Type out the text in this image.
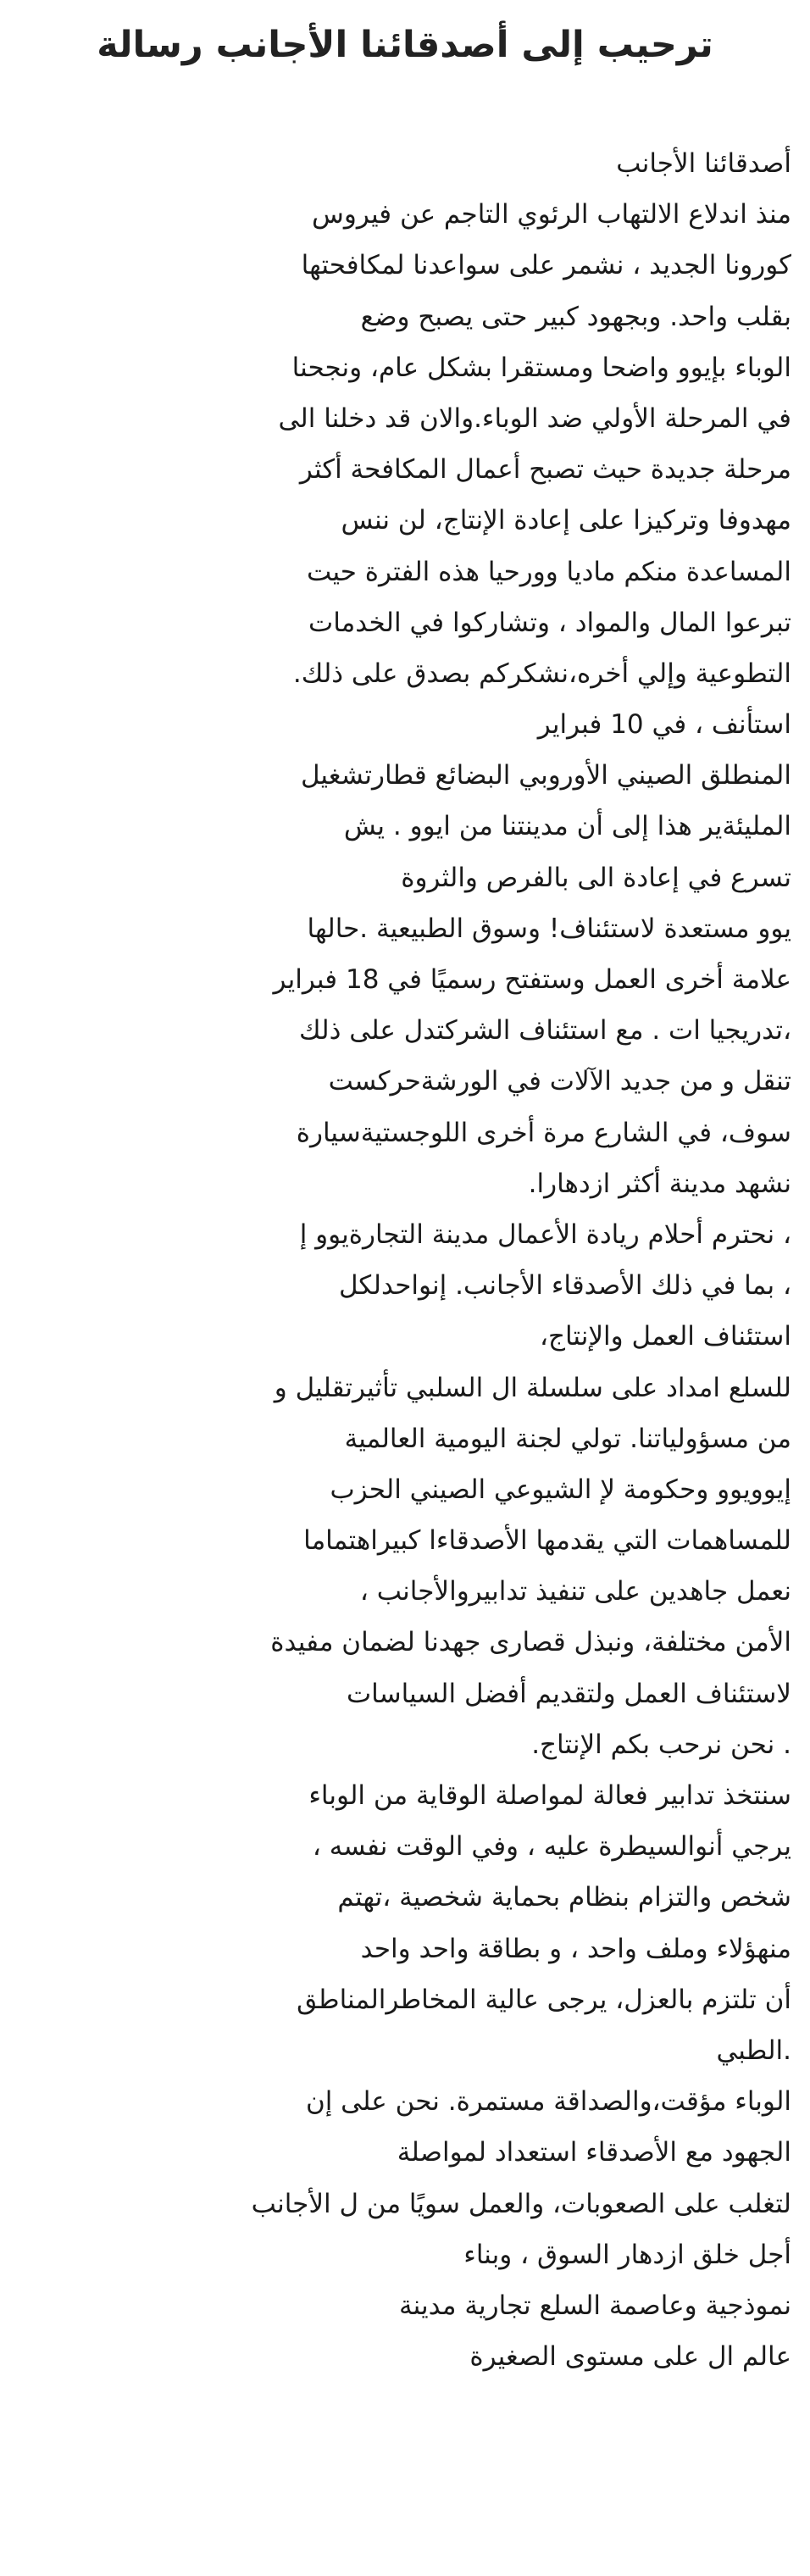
ترحيب إلى أصدقائنا الأجانب رسالة
أصدقائنا الأجانب
منذ اندلاع الالتهاب الرئوي التاجم عن فيروس
كورونا الجديد ، نشمر على سواعدنا لمكافحتها
بقلب واحد. وبجهود كبير حتى يصبح وضع
الوباء بإيوو واضحا ومستقرا بشكل عام، ونجحنا
في المرحلة الأولي ضد الوباء.والان قد دخلنا الى
مرحلة جديدة حيث تصبح أعمال المكافحة أكثر
مهدوفا وتركيزا على إعادة الإنتاج، لن ننس
المساعدة منكم ماديا وورحيا هذه الفترة حيت
تبرعوا المال والمواد ، وتشاركوا في الخدمات
التطوعية وإلي أخره،نشكركم بصدق على ذلك.
استأنف ، في 10 فبراير
المنطلق الصيني الأوروبي البضائع قطارتشغيل
المليئةير هذا إلى أن مدينتنا من ايوو . يش
تسرع في إعادة الى بالفرص والثروة
يوو مستعدة لاستئناف! وسوق الطبيعية .حالها
علامة أخرى العمل وستفتح رسميًا في 18 فبراير
،تدريجيا ات . مع استئناف الشركتدل على ذلك
تنقل و من جديد الآلات في الورشةحركست
سوف، في الشارع مرة أخرى اللوجستيةسيارة
نشهد مدينة أكثر ازدهارا.
، نحترم أحلام ريادة الأعمال مدينة التجارةيوو إ
، بما في ذلك الأصدقاء الأجانب. إنواحدلكل
استئناف العمل والإنتاج،
للسلع امداد على سلسلة ال السلبي تأثيرتقليل و
من مسؤولياتنا. تولي لجنة اليومية العالمية
إيوويوو وحكومة لإ الشيوعي الصيني الحزب
للمساهمات التي يقدمها الأصدقاءا كبيراهتماما
نعمل جاهدين على تنفيذ تدابيروالأجانب ،
الأمن مختلفة، ونبذل قصارى جهدنا لضمان مفيدة
لاستئناف العمل ولتقديم أفضل السياسات
. نحن نرحب بكم الإنتاج.
سنتخذ تدابير فعالة لمواصلة الوقاية من الوباء
يرجي أنوالسيطرة عليه ، وفي الوقت نفسه ،
شخص والتزام بنظام بحماية شخصية ،تهتم
منهؤلاء وملف واحد ، و بطاقة واحد واحد
أن تلتزم بالعزل، يرجى عالية المخاطرالمناطق
.الطبي
الوباء مؤقت،والصداقة مستمرة. نحن على إن
الجهود مع الأصدقاء استعداد لمواصلة
لتغلب على الصعوبات، والعمل سويًا من ل الأجانب
أجل خلق ازدهار السوق ، وبناء
نموذجية وعاصمة السلع تجارية مدينة
عالم ال على مستوى الصغيرة
